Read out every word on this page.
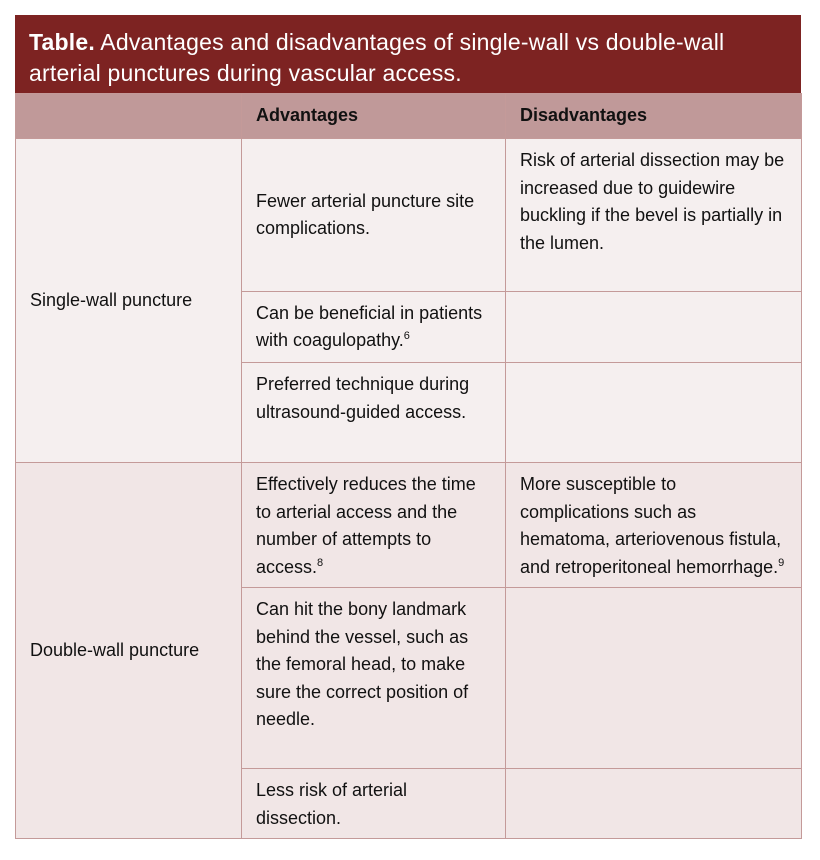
Table. Advantages and disadvantages of single-wall vs double-wall arterial punctures during vascular access.
	Advantages	Disadvantages
Single-wall puncture	Fewer arterial puncture site complications.	Risk of arterial dissection may be increased due to guidewire buckling if the bevel is partially in the lumen.
	Can be beneficial in patients with coagulopathy.$^6$	
	Preferred technique during ultrasound-guided access.	
Double-wall puncture	Effectively reduces the time to arterial access and the number of attempts to access.$^8$	More susceptible to complications such as hematoma, arteriovenous fistula, and retroperitoneal hemorrhage.$^9$
	Can hit the bony landmark behind the vessel, such as the femoral head, to make sure the correct position of needle.	
	Less risk of arterial dissection.	
